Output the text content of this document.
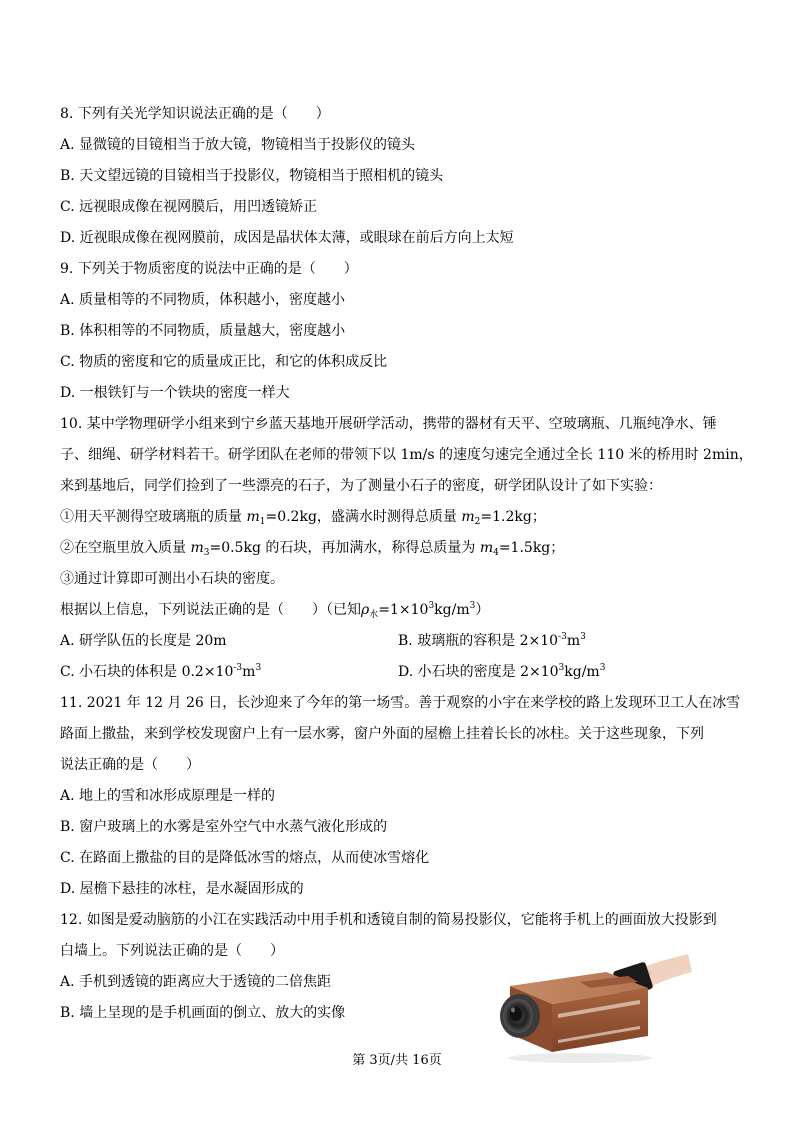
8. 下列有关光学知识说法正确的是（　　）
A. 显微镜的目镜相当于放大镜，物镜相当于投影仪的镜头
B. 天文望远镜的目镜相当于投影仪，物镜相当于照相机的镜头
C. 远视眼成像在视网膜后，用凹透镜矫正
D. 近视眼成像在视网膜前，成因是晶状体太薄，或眼球在前后方向上太短
9. 下列关于物质密度的说法中正确的是（　　）
A. 质量相等的不同物质，体积越小，密度越小
B. 体积相等的不同物质，质量越大，密度越小
C. 物质的密度和它的质量成正比，和它的体积成反比
D. 一根铁钉与一个铁块的密度一样大
10. 某中学物理研学小组来到宁乡蓝天基地开展研学活动，携带的器材有天平、空玻璃瓶、几瓶纯净水、锤
子、细绳、研学材料若干。研学团队在老师的带领下以 1m/s 的速度匀速完全通过全长 110 米的桥用时 2min，
来到基地后，同学们捡到了一些漂亮的石子，为了测量小石子的密度，研学团队设计了如下实验：
①用天平测得空玻璃瓶的质量 $m_1=0.2kg$，盛满水时测得总质量 $m_2=1.2kg$；
②在空瓶里放入质量 $m_3=0.5kg$ 的石块，再加满水，称得总质量为 $m_4=1.5kg$；
③通过计算即可测出小石块的密度。
根据以上信息，下列说法正确的是（　　）（已知$\rho_水=1\times 10^3kg/m^3$）
A. 研学队伍的长度是 20m	B. 玻璃瓶的容积是 $2\times 10^{-3}m^3$
C. 小石块的体积是 $0.2\times 10^{-3}m^3$	D. 小石块的密度是 $2\times 10^3kg/m^3$
11. 2021 年 12 月 26 日，长沙迎来了今年的第一场雪。善于观察的小宇在来学校的路上发现环卫工人在冰雪
路面上撒盐，来到学校发现窗户上有一层水雾，窗户外面的屋檐上挂着长长的冰柱。关于这些现象，下列
说法正确的是（　　）
A. 地上的雪和冰形成原理是一样的
B. 窗户玻璃上的水雾是室外空气中水蒸气液化形成的
C. 在路面上撒盐的目的是降低冰雪的熔点，从而使冰雪熔化
D. 屋檐下悬挂的冰柱，是水凝固形成的
12. 如图是爱动脑筋的小江在实践活动中用手机和透镜自制的简易投影仪，它能将手机上的画面放大投影到
白墙上。下列说法正确的是（　　）
A. 手机到透镜的距离应大于透镜的二倍焦距
B. 墙上呈现的是手机画面的倒立、放大的实像
第 3页/共 16页
